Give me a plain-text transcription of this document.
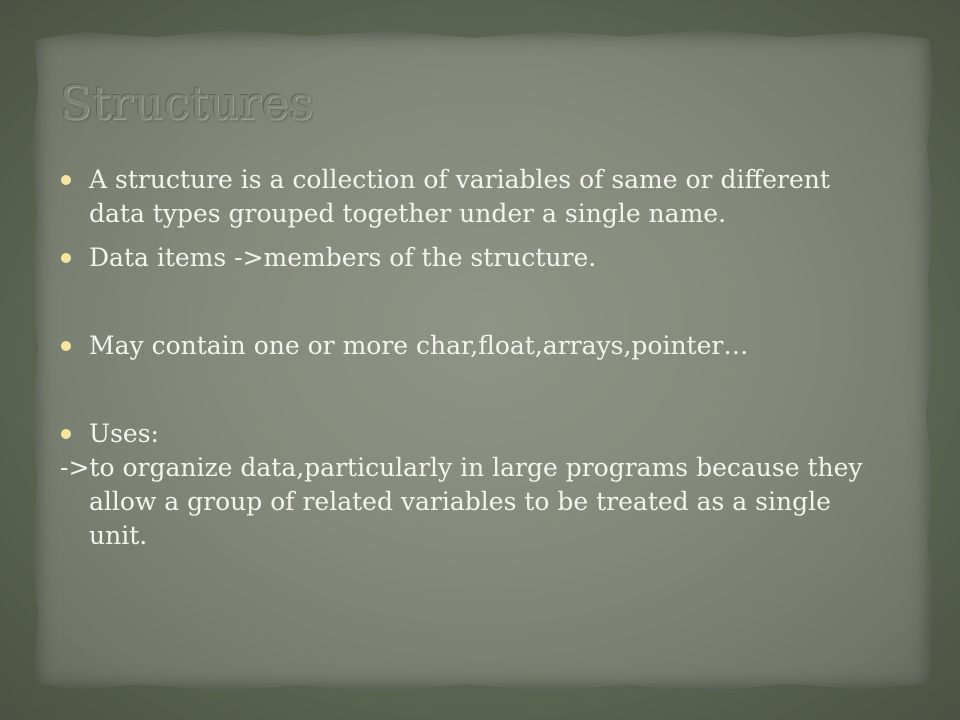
Structures
A structure is a collection of variables of same or different data types grouped together under a single name.
Data items ->members of the structure.
May contain one or more char,float,arrays,pointer…
Uses:
->to organize data,particularly in large programs because they allow a group of related variables to be treated as a single unit.
